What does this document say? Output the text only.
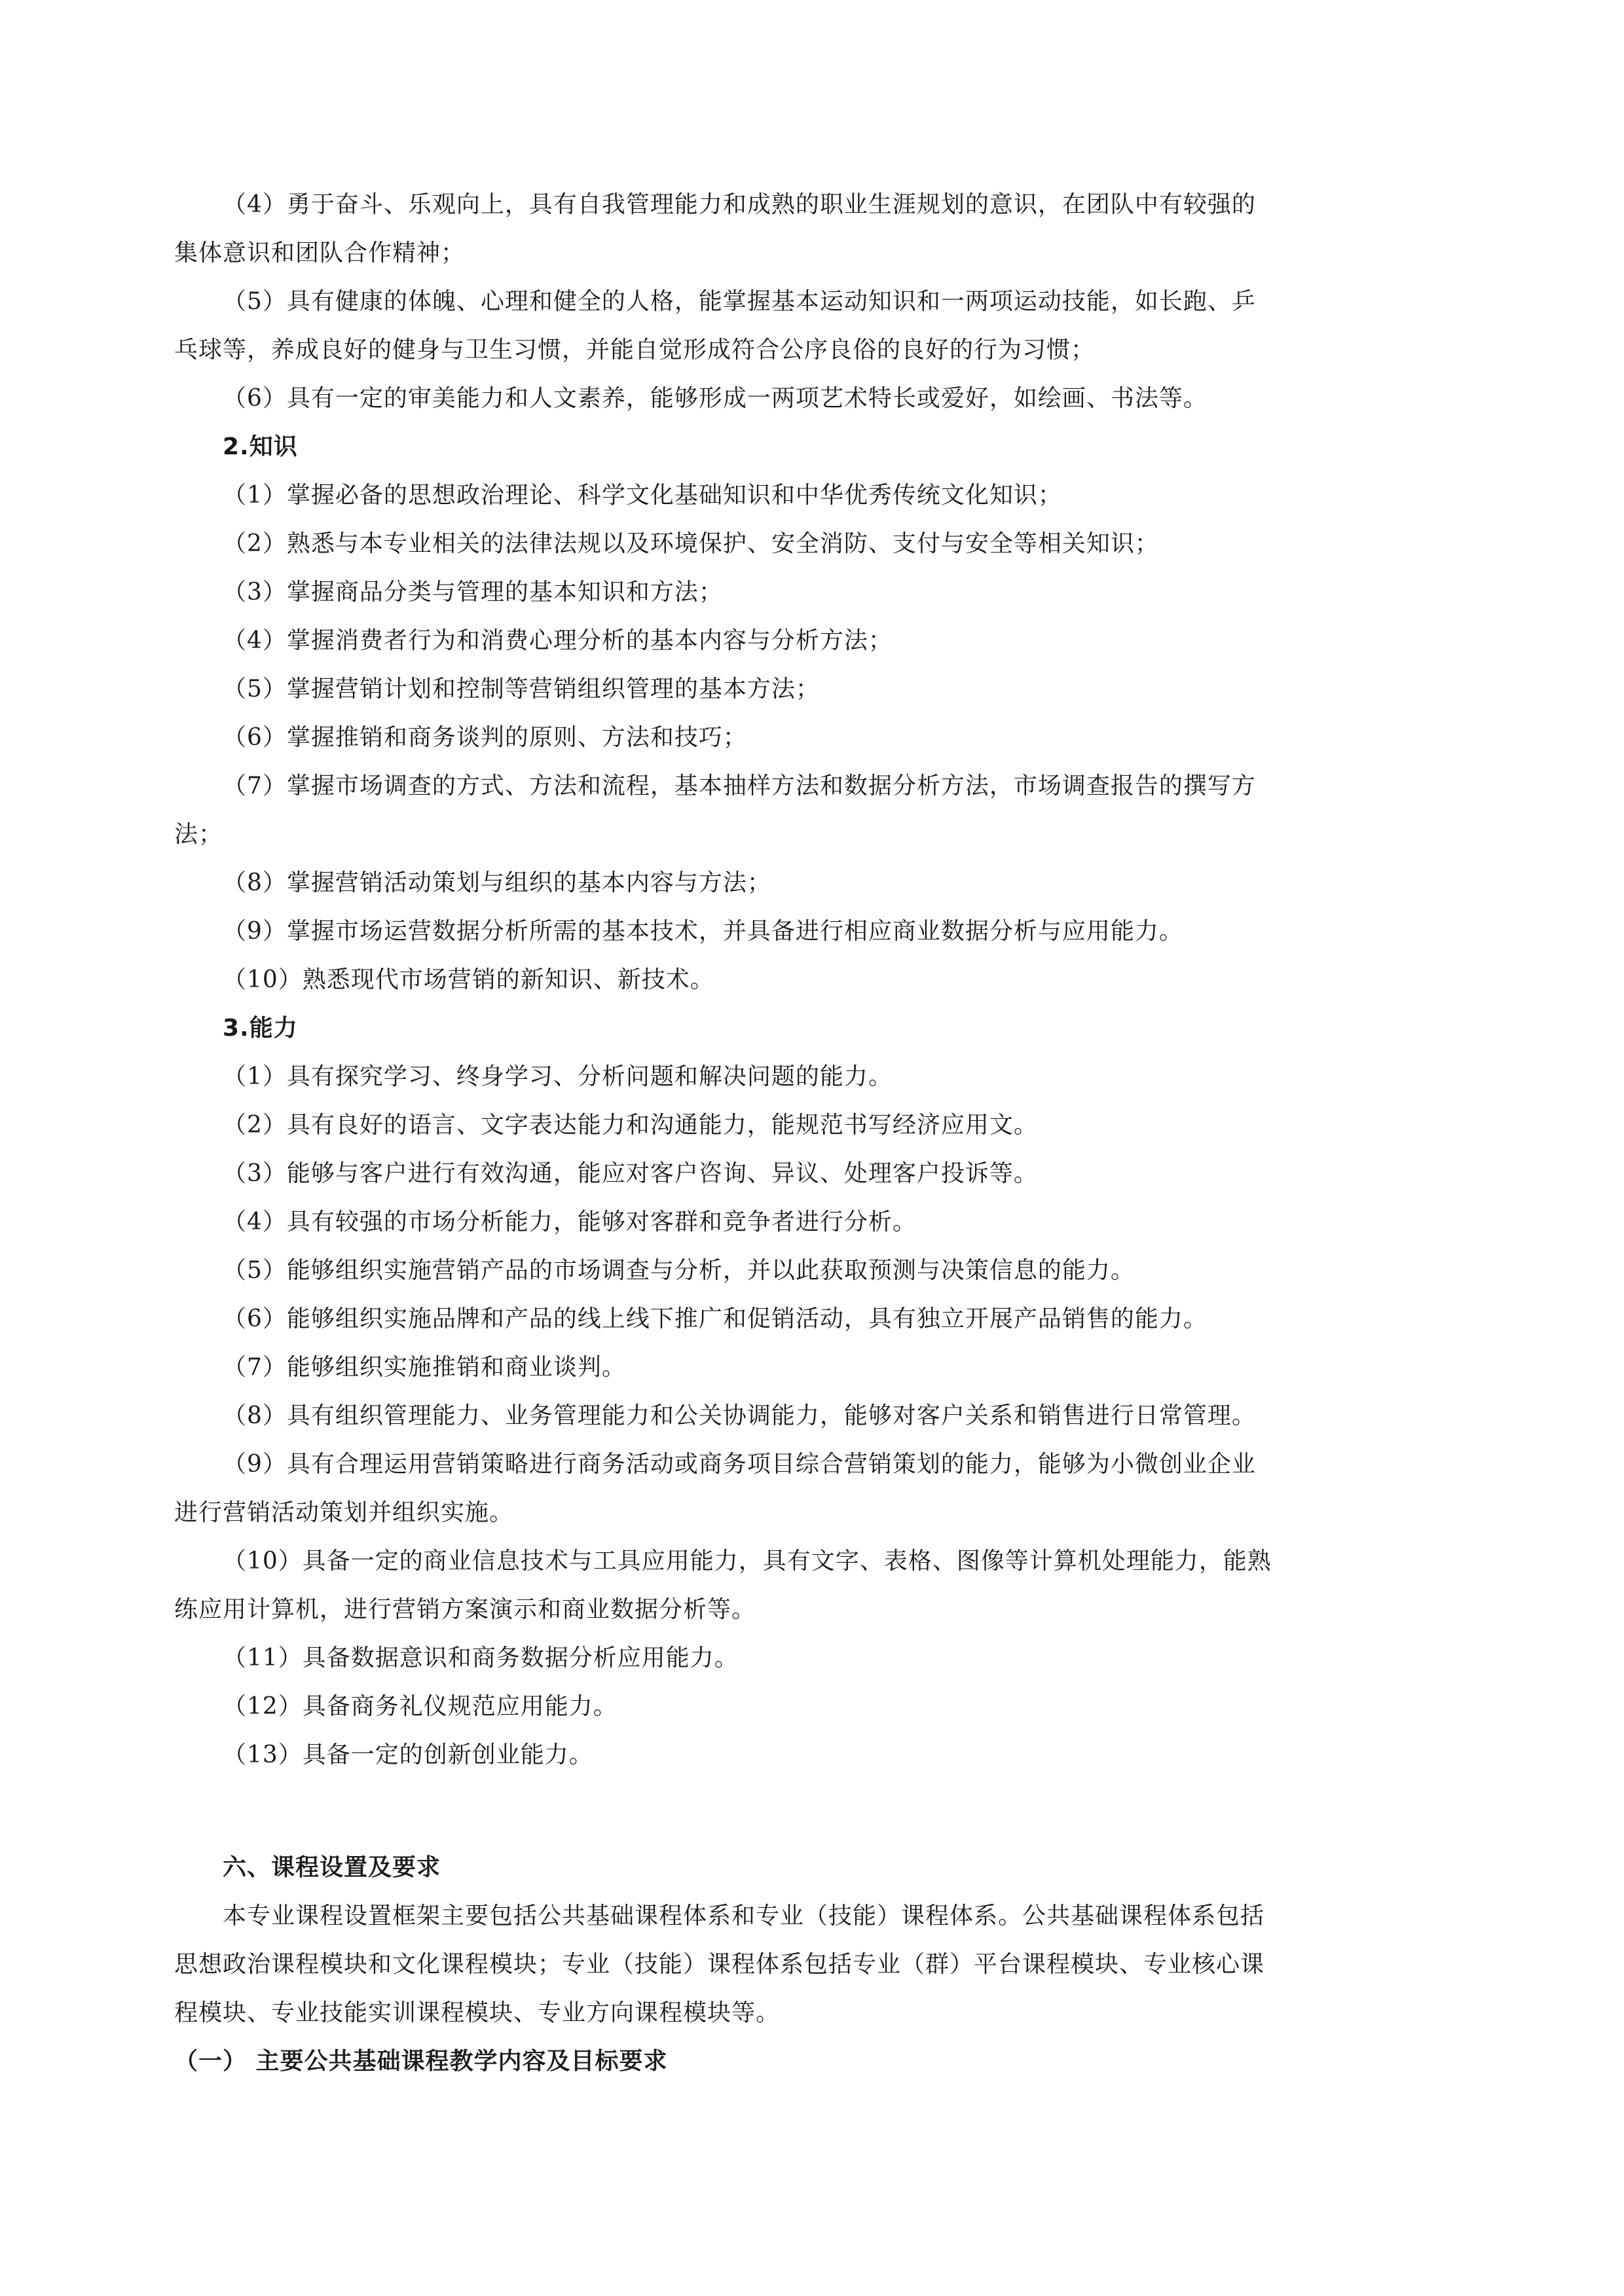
（4）勇于奋斗、乐观向上，具有自我管理能力和成熟的职业生涯规划的意识，在团队中有较强的
集体意识和团队合作精神；
（5）具有健康的体魄、心理和健全的人格，能掌握基本运动知识和一两项运动技能，如长跑、乒
乓球等，养成良好的健身与卫生习惯，并能自觉形成符合公序良俗的良好的行为习惯；
（6）具有一定的审美能力和人文素养，能够形成一两项艺术特长或爱好，如绘画、书法等。
2.知识
（1）掌握必备的思想政治理论、科学文化基础知识和中华优秀传统文化知识；
（2）熟悉与本专业相关的法律法规以及环境保护、安全消防、支付与安全等相关知识；
（3）掌握商品分类与管理的基本知识和方法；
（4）掌握消费者行为和消费心理分析的基本内容与分析方法；
（5）掌握营销计划和控制等营销组织管理的基本方法；
（6）掌握推销和商务谈判的原则、方法和技巧；
（7）掌握市场调查的方式、方法和流程，基本抽样方法和数据分析方法，市场调查报告的撰写方
法；
（8）掌握营销活动策划与组织的基本内容与方法；
（9）掌握市场运营数据分析所需的基本技术，并具备进行相应商业数据分析与应用能力。
（10）熟悉现代市场营销的新知识、新技术。
3.能力
（1）具有探究学习、终身学习、分析问题和解决问题的能力。
（2）具有良好的语言、文字表达能力和沟通能力，能规范书写经济应用文。
（3）能够与客户进行有效沟通，能应对客户咨询、异议、处理客户投诉等。
（4）具有较强的市场分析能力，能够对客群和竞争者进行分析。
（5）能够组织实施营销产品的市场调查与分析，并以此获取预测与决策信息的能力。
（6）能够组织实施品牌和产品的线上线下推广和促销活动，具有独立开展产品销售的能力。
（7）能够组织实施推销和商业谈判。
（8）具有组织管理能力、业务管理能力和公关协调能力，能够对客户关系和销售进行日常管理。
（9）具有合理运用营销策略进行商务活动或商务项目综合营销策划的能力，能够为小微创业企业
进行营销活动策划并组织实施。
（10）具备一定的商业信息技术与工具应用能力，具有文字、表格、图像等计算机处理能力，能熟
练应用计算机，进行营销方案演示和商业数据分析等。
（11）具备数据意识和商务数据分析应用能力。
（12）具备商务礼仪规范应用能力。
（13）具备一定的创新创业能力。
六、课程设置及要求
本专业课程设置框架主要包括公共基础课程体系和专业（技能）课程体系。公共基础课程体系包括
思想政治课程模块和文化课程模块；专业（技能）课程体系包括专业（群）平台课程模块、专业核心课
程模块、专业技能实训课程模块、专业方向课程模块等。
（一） 主要公共基础课程教学内容及目标要求
